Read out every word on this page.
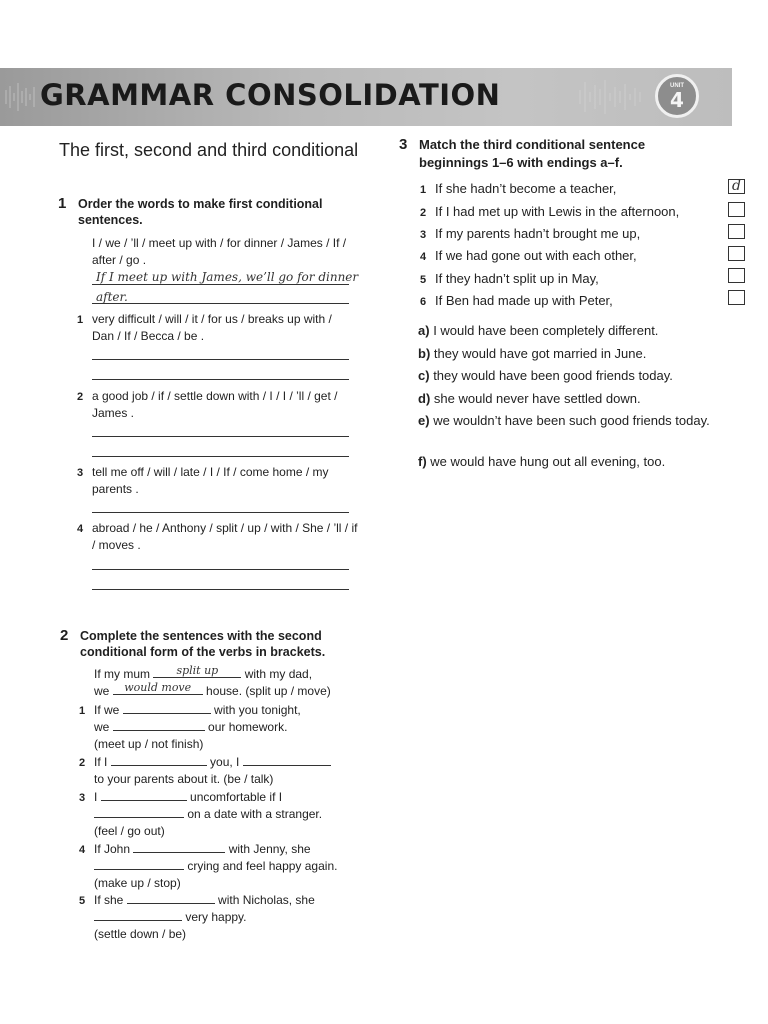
GRAMMAR CONSOLIDATION	UNIT
4
The first, second and third conditional
1 Order the words to make first conditional sentences.
I / we / ’ll / meet up with / for dinner / James / If / after / go .
If I meet up with James, we’ll go for dinner
after.
1 very difficult / will / it / for us / breaks up with / Dan / If / Becca / be .
2 a good job / if / settle down with / I / I / ’ll / get / James .
3 tell me off / will / late / I / If / come home / my parents .
4 abroad / he / Anthony / split / up / with / She / ’ll / if / moves .
2 Complete the sentences with the second conditional form of the verbs in brackets.
If my mum	split up	with my dad,
we	would move	house. (split up / move)
1 If we	with you tonight,
we	our homework.
(meet up / not finish)
2 If I	you, I
to your parents about it. (be / talk)
3 I	uncomfortable if I
on a date with a stranger.
(feel / go out)
4 If John	with Jenny, she
crying and feel happy again.
(make up / stop)
5 If she	with Nicholas, she
very happy.
(settle down / be)
3 Match the third conditional sentence
beginnings 1–6 with endings a–f.
1 If she hadn’t become a teacher,	d
2 If I had met up with Lewis in the afternoon,
3 If my parents hadn’t brought me up,
4 If we had gone out with each other,
5 If they hadn’t split up in May,
6 If Ben had made up with Peter,
a) I would have been completely different.
b) they would have got married in June.
c) they would have been good friends today.
d) she would never have settled down.
e) we wouldn’t have been such good friends today.
f) we would have hung out all evening, too.
